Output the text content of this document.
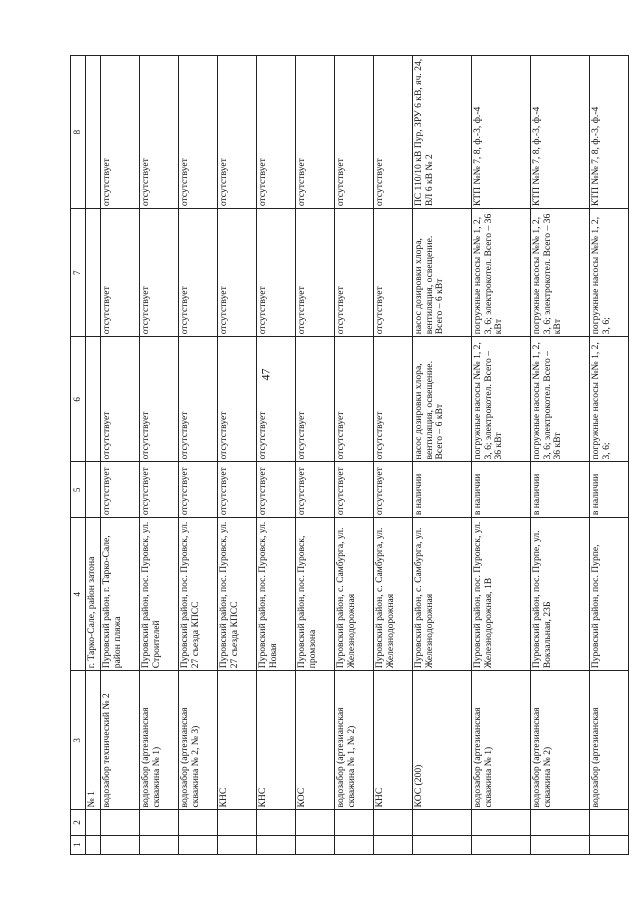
47
1	2	3	4	5	6	7	8
		№ 1	г. Тарко-Сале, район затона				
		водозабор технический № 2	Пуровский район, г. Тарко-Сале, район пляжа	отсутствует	отсутствует	отсутствует	отсутствует
		водозабор (артезианская скважина № 1)	Пуровский район, пос. Пуровск, ул. Строителей	отсутствует	отсутствует	отсутствует	отсутствует
		водозабор (артезианская скважина № 2, № 3)	Пуровский район, пос. Пуровск, ул. 27 съезда КПСС	отсутствует	отсутствует	отсутствует	отсутствует
		КНС	Пуровский район, пос. Пуровск, ул. 27 съезда КПСС	отсутствует	отсутствует	отсутствует	отсутствует
		КНС	Пуровский район, пос. Пуровск, ул. Новая	отсутствует	отсутствует	отсутствует	отсутствует
		КОС	Пуровский район, пос. Пуровск, промзона	отсутствует	отсутствует	отсутствует	отсутствует
		водозабор (артезианская скважина № 1, № 2)	Пуровский район, с. Самбурга, ул. Железнодорожная	отсутствует	отсутствует	отсутствует	отсутствует
		КНС	Пуровский район, с. Самбурга, ул. Железнодорожная	отсутствует	отсутствует	отсутствует	отсутствует
		КОС (200)	Пуровский район, с. Самбурга, ул. Железнодорожная	в наличии	насос дозировки хлора, вентиляция, освещение. Всего – 6 кВт	насос дозировки хлора, вентиляция, освещение. Всего – 6 кВт	ПС 110/10 кВ Пур, ЗРУ 6 кВ, яч. 24, ВЛ 6 кВ № 2
		водозабор (артезианская скважина № 1)	Пуровский район, пос. Пуровск, ул. Железнодорожная, 1В	в наличии	погружные насосы №№ 1, 2, 3, 6; электрокотел. Всего – 36 кВт	погружные насосы №№ 1, 2, 3, 6; электрокотел. Всего – 36 кВт	КТП №№ 7, 8, ф.-3, ф.-4
		водозабор (артезианская скважина № 2)	Пуровский район, пос. Пурпе, ул. Вокзальная, 23Б	в наличии	погружные насосы №№ 1, 2, 3, 6; электрокотел. Всего – 36 кВт	погружные насосы №№ 1, 2, 3, 6; электрокотел. Всего – 36 кВт	КТП №№ 7, 8, ф.-3, ф.-4
		водозабор (артезианская	Пуровский район, пос. Пурпе,	в наличии	погружные насосы №№ 1, 2, 3, 6;	погружные насосы №№ 1, 2, 3, 6;	КТП №№ 7, 8, ф.-3, ф.-4
